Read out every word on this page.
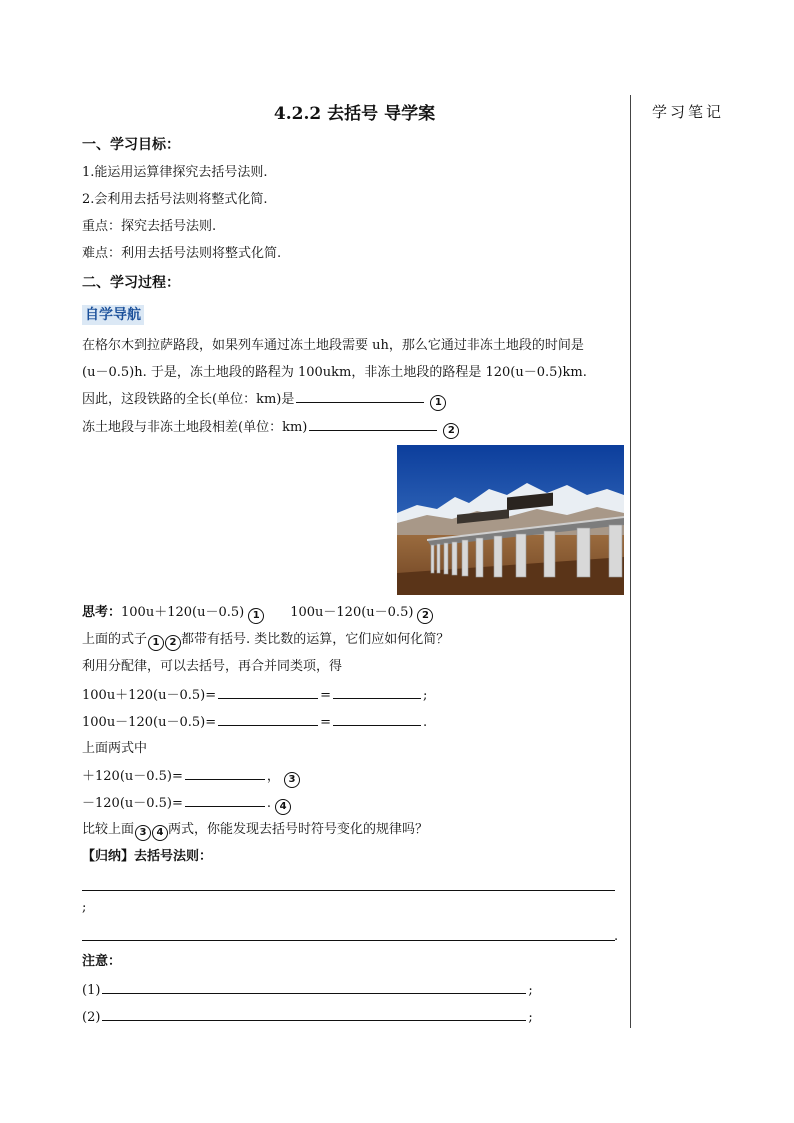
学习笔记
4.2.2 去括号 导学案
一、学习目标：
1.能运用运算律探究去括号法则.
2.会利用去括号法则将整式化简.
重点：探究去括号法则.
难点：利用去括号法则将整式化简.
二、学习过程：
自学导航
在格尔木到拉萨路段，如果列车通过冻土地段需要 uh，那么它通过非冻土地段的时间是
(u－0.5)h. 于是，冻土地段的路程为 100ukm，非冻土地段的路程是 120(u－0.5)km.
因此，这段铁路的全长(单位：km)是	1
冻土地段与非冻土地段相差(单位：km)	2
思考：100u＋120(u－0.5) 1 100u－120(u－0.5) 2
上面的式子 1 2 都带有括号. 类比数的运算，它们应如何化简？
利用分配律，可以去括号，再合并同类项，得
100u＋120(u－0.5)=	=	;
100u－120(u－0.5)=	=	.
上面两式中
＋120(u－0.5)=	， 3
－120(u－0.5)=	. 4
比较上面 3 4 两式，你能发现去括号时符号变化的规律吗？
【归纳】去括号法则：
;
.
注意：
(1)	;
(2)	;
